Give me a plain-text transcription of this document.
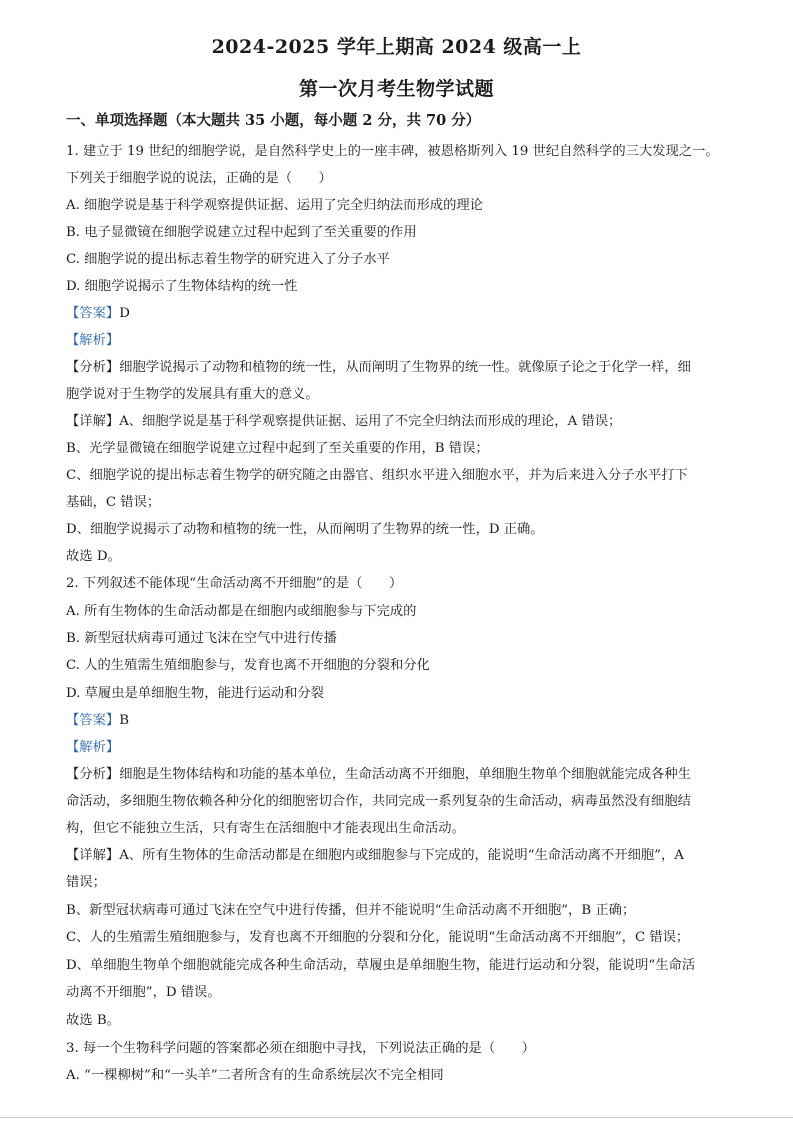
2024-2025 学年上期高 2024 级高一上
第一次月考生物学试题
一、单项选择题（本大题共 35 小题，每小题 2 分，共 70 分）
1. 建立于 19 世纪的细胞学说，是自然科学史上的一座丰碑，被恩格斯列入 19 世纪自然科学的三大发现之一。
下列关于细胞学说的说法，正确的是（　　）
A. 细胞学说是基于科学观察提供证据、运用了完全归纳法而形成的理论
B. 电子显微镜在细胞学说建立过程中起到了至关重要的作用
C. 细胞学说的提出标志着生物学的研究进入了分子水平
D. 细胞学说揭示了生物体结构的统一性
【答案】D
【解析】
【分析】细胞学说揭示了动物和植物的统一性，从而阐明了生物界的统一性。就像原子论之于化学一样，细
胞学说对于生物学的发展具有重大的意义。
【详解】A、细胞学说是基于科学观察提供证据、运用了不完全归纳法而形成的理论，A 错误；
B、光学显微镜在细胞学说建立过程中起到了至关重要的作用，B 错误；
C、细胞学说的提出标志着生物学的研究随之由器官、组织水平进入细胞水平，并为后来进入分子水平打下
基础，C 错误；
D、细胞学说揭示了动物和植物的统一性，从而阐明了生物界的统一性，D 正确。
故选 D。
2. 下列叙述不能体现“生命活动离不开细胞”的是（　　）
A. 所有生物体的生命活动都是在细胞内或细胞参与下完成的
B. 新型冠状病毒可通过飞沫在空气中进行传播
C. 人的生殖需生殖细胞参与，发育也离不开细胞的分裂和分化
D. 草履虫是单细胞生物，能进行运动和分裂
【答案】B
【解析】
【分析】细胞是生物体结构和功能的基本单位，生命活动离不开细胞，单细胞生物单个细胞就能完成各种生
命活动，多细胞生物依赖各种分化的细胞密切合作，共同完成一系列复杂的生命活动，病毒虽然没有细胞结
构，但它不能独立生活，只有寄生在活细胞中才能表现出生命活动。
【详解】A、所有生物体的生命活动都是在细胞内或细胞参与下完成的，能说明“生命活动离不开细胞”，A
错误；
B、新型冠状病毒可通过飞沫在空气中进行传播，但并不能说明“生命活动离不开细胞”，B 正确；
C、人的生殖需生殖细胞参与，发育也离不开细胞的分裂和分化，能说明“生命活动离不开细胞”，C 错误；
D、单细胞生物单个细胞就能完成各种生命活动，草履虫是单细胞生物，能进行运动和分裂，能说明“生命活
动离不开细胞”，D 错误。
故选 B。
3. 每一个生物科学问题的答案都必须在细胞中寻找，下列说法正确的是（　　）
A. “一棵柳树”和“一头羊”二者所含有的生命系统层次不完全相同
